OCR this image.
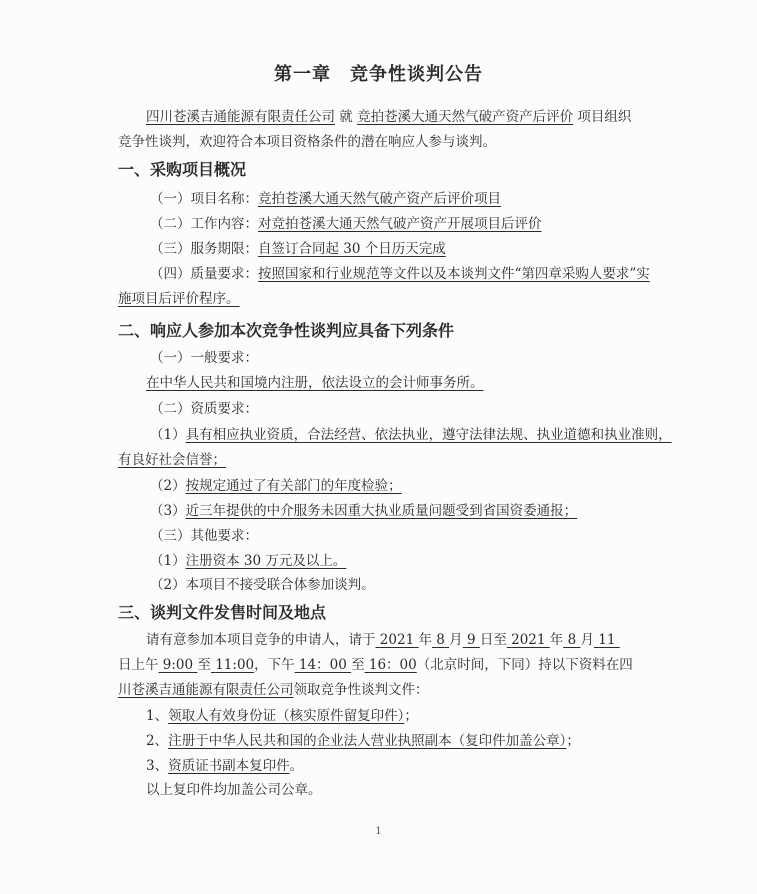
第一章　竞争性谈判公告
四川苍溪吉通能源有限责任公司 就 竞拍苍溪大通天然气破产资产后评价 项目组织
竞争性谈判，欢迎符合本项目资格条件的潜在响应人参与谈判。
一、采购项目概况
（一）项目名称：竞拍苍溪大通天然气破产资产后评价项目
（二）工作内容：对竞拍苍溪大通天然气破产资产开展项目后评价
（三）服务期限：自签订合同起 30 个日历天完成
（四）质量要求：按照国家和行业规范等文件以及本谈判文件“第四章采购人要求”实
施项目后评价程序。
二、响应人参加本次竞争性谈判应具备下列条件
（一）一般要求：
在中华人民共和国境内注册，依法设立的会计师事务所。
（二）资质要求：
（1）具有相应执业资质，合法经营、依法执业，遵守法律法规、执业道德和执业准则，
有良好社会信誉；
（2）按规定通过了有关部门的年度检验；
（3）近三年提供的中介服务未因重大执业质量问题受到省国资委通报；
（三）其他要求：
（1）注册资本 30 万元及以上。
（2）本项目不接受联合体参加谈判。
三、谈判文件发售时间及地点
请有意参加本项目竞争的申请人，请于 2021 年 8 月 9 日至 2021 年 8 月 11
日上午 9:00 至 11:00，下午 14：00 至 16：00（北京时间，下同）持以下资料在四
川苍溪吉通能源有限责任公司领取竞争性谈判文件：
1、领取人有效身份证（核实原件留复印件）；
2、注册于中华人民共和国的企业法人营业执照副本（复印件加盖公章）；
3、资质证书副本复印件。
以上复印件均加盖公司公章。
1
